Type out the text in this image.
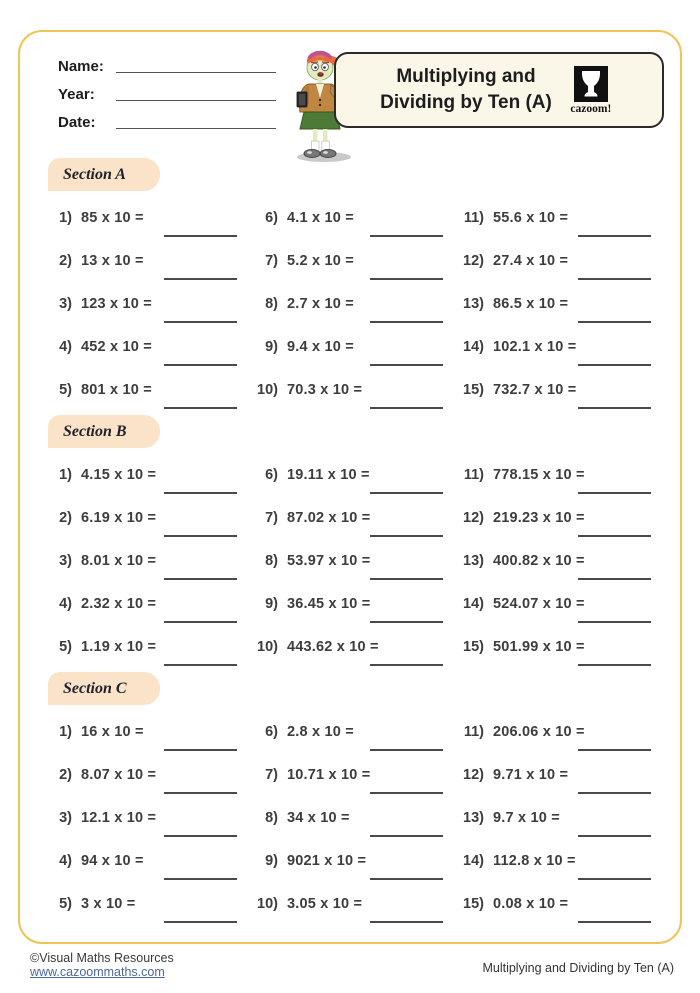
Name:
Year:
Date:
Multiplying and
Dividing by Ten (A) cazoom!
Section A
1) 85 x 10 =
2) 13 x 10 =
3) 123 x 10 =
4) 452 x 10 =
5) 801 x 10 =
6) 4.1 x 10 =
7) 5.2 x 10 =
8) 2.7 x 10 =
9) 9.4 x 10 =
10) 70.3 x 10 =
11) 55.6 x 10 =
12) 27.4 x 10 =
13) 86.5 x 10 =
14) 102.1 x 10 =
15) 732.7 x 10 =
Section B
1) 4.15 x 10 =
2) 6.19 x 10 =
3) 8.01 x 10 =
4) 2.32 x 10 =
5) 1.19 x 10 =
6) 19.11 x 10 =
7) 87.02 x 10 =
8) 53.97 x 10 =
9) 36.45 x 10 =
10) 443.62 x 10 =
11) 778.15 x 10 =
12) 219.23 x 10 =
13) 400.82 x 10 =
14) 524.07 x 10 =
15) 501.99 x 10 =
Section C
1) 16 x 10 =
2) 8.07 x 10 =
3) 12.1 x 10 =
4) 94 x 10 =
5) 3 x 10 =
6) 2.8 x 10 =
7) 10.71 x 10 =
8) 34 x 10 =
9) 9021 x 10 =
10) 3.05 x 10 =
11) 206.06 x 10 =
12) 9.71 x 10 =
13) 9.7 x 10 =
14) 112.8 x 10 =
15) 0.08 x 10 =
©Visual Maths Resources
www.cazoommaths.com	Multiplying and Dividing by Ten (A)
